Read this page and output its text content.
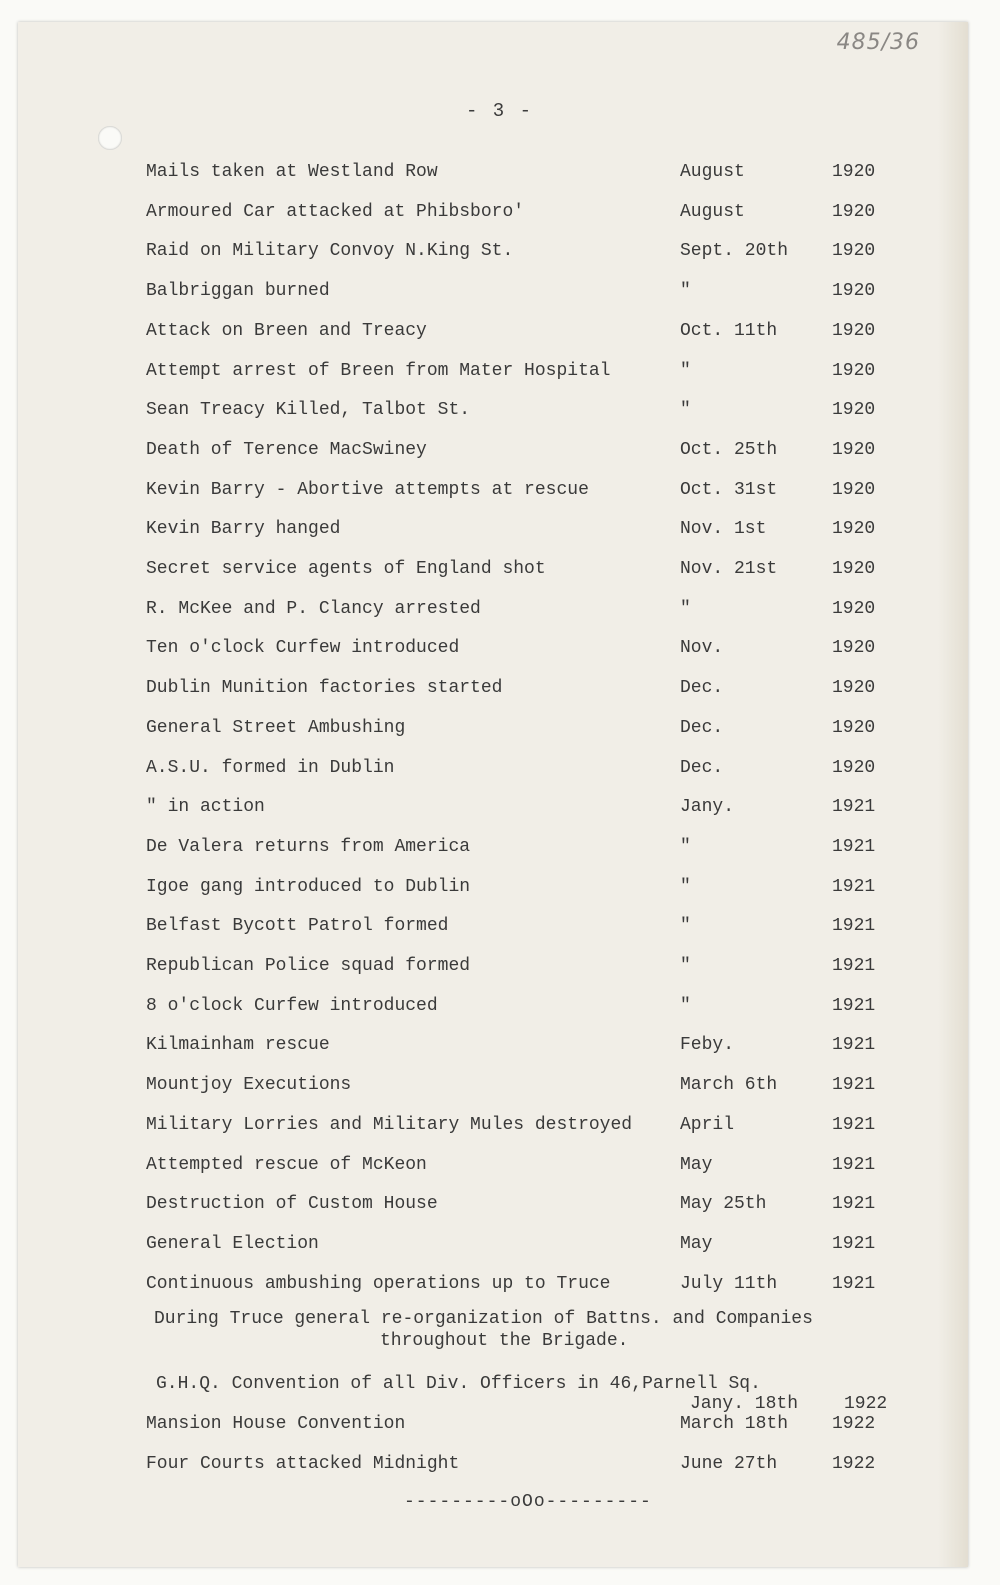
485/36
- 3 -
Mails taken at Westland Row	August	1920
Armoured Car attacked at Phibsboro'	August	1920
Raid on Military Convoy N.King St.	Sept. 20th 1920
Balbriggan burned	"	1920
Attack on Breen and Treacy	Oct. 11th	1920
Attempt arrest of Breen from Mater Hospital	"	1920
Sean Treacy Killed, Talbot St.	"	1920
Death of Terence MacSwiney	Oct. 25th	1920
Kevin Barry - Abortive attempts at rescue	Oct. 31st	1920
Kevin Barry hanged	Nov. 1st	1920
Secret service agents of England shot	Nov. 21st	1920
R. McKee and P. Clancy arrested	"	1920
Ten o'clock Curfew introduced	Nov.	1920
Dublin Munition factories started	Dec.	1920
General Street Ambushing	Dec.	1920
A.S.U. formed in Dublin	Dec.	1920
" in action	Jany.	1921
De Valera returns from America	"	1921
Igoe gang introduced to Dublin	"	1921
Belfast Bycott Patrol formed	"	1921
Republican Police squad formed	"	1921
8 o'clock Curfew introduced	"	1921
Kilmainham rescue	Feby.	1921
Mountjoy Executions	March 6th	1921
Military Lorries and Military Mules destroyed	April	1921
Attempted rescue of McKeon	May	1921
Destruction of Custom House	May 25th	1921
General Election	May	1921
Continuous ambushing operations up to Truce	July 11th	1921
During Truce general re-organization of Battns. and Companies
throughout the Brigade.
G.H.Q. Convention of all Div. Officers in 46,Parnell Sq.
Jany. 18th	1922
Mansion House Convention	March 18th 1922
Four Courts attacked Midnight	June 27th	1922
---------oOo---------
